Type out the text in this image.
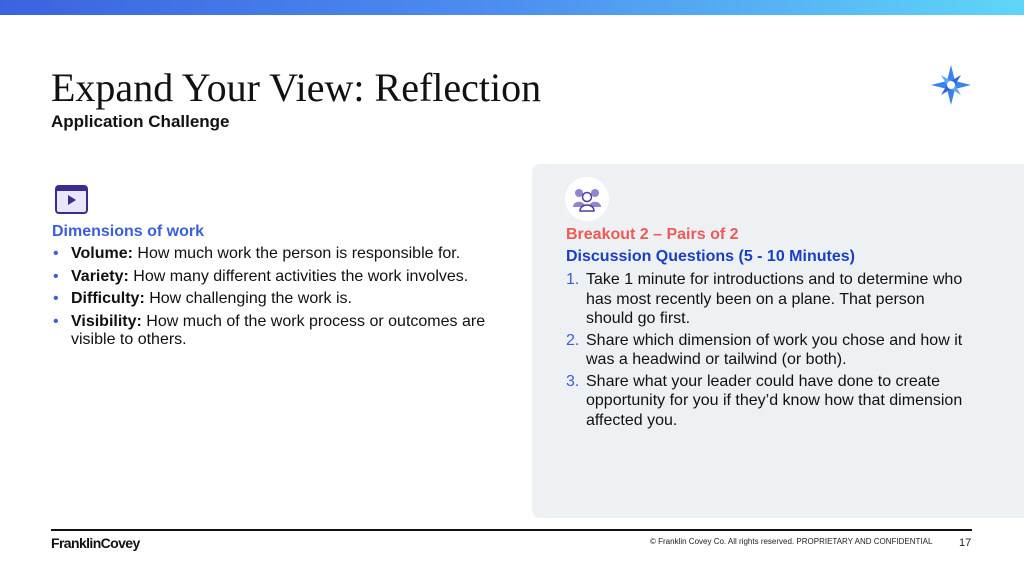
Expand Your View: Reflection
Application Challenge
Dimensions of work
• Volume: How much work the person is responsible for.
• Variety: How many different activities the work involves.
• Difficulty: How challenging the work is.
• Visibility: How much of the work process or outcomes are visible to others.
Breakout 2 – Pairs of 2
Discussion Questions (5 - 10 Minutes)
1. Take 1 minute for introductions and to determine who has most recently been on a plane. That person should go first.
2. Share which dimension of work you chose and how it was a headwind or tailwind (or both).
3. Share what your leader could have done to create opportunity for you if they’d know how that dimension affected you.
FranklinCovey	© Franklin Covey Co. All rights reserved. PROPRIETARY AND CONFIDENTIAL 17
